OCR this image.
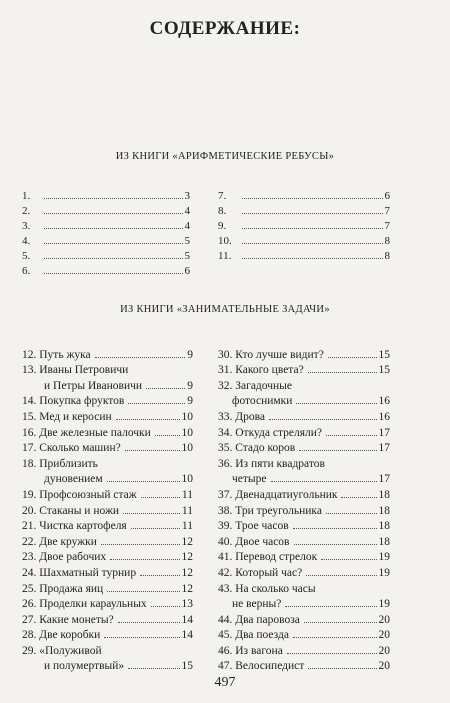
СОДЕРЖАНИЕ:
ИЗ КНИГИ «АРИФМЕТИЧЕСКИЕ РЕБУСЫ»
1.	3
2.	4
3.	4
4.	5
5.	5
6.	6
7.	6
8.	7
9.	7
10.	8
11.	8
ИЗ КНИГИ «ЗАНИМАТЕЛЬНЫЕ ЗАДАЧИ»
12. Путь жука	9
13. Иваны Петровичи
и Петры Ивановичи	9
14. Покупка фруктов	9
15. Мед и керосин	10
16. Две железные палочки	10
17. Сколько машин?	10
18. Приблизить
дуновением	10
19. Профсоюзный стаж	11
20. Стаканы и ножи	11
21. Чистка картофеля	11
22. Две кружки	12
23. Двое рабочих	12
24. Шахматный турнир	12
25. Продажа яиц	12
26. Проделки караульных	13
27. Какие монеты?	14
28. Две коробки	14
29. «Полуживой
и полумертвый»	15
30. Кто лучше видит?	15
31. Какого цвета?	15
32. Загадочные
фотоснимки	16
33. Дрова	16
34. Откуда стреляли?	17
35. Стадо коров	17
36. Из пяти квадратов
четыре	17
37. Двенадцатиугольник	18
38. Три треугольника	18
39. Трое часов	18
40. Двое часов	18
41. Перевод стрелок	19
42. Который час?	19
43. На сколько часы
не верны?	19
44. Два паровоза	20
45. Два поезда	20
46. Из вагона	20
47. Велосипедист	20
497
